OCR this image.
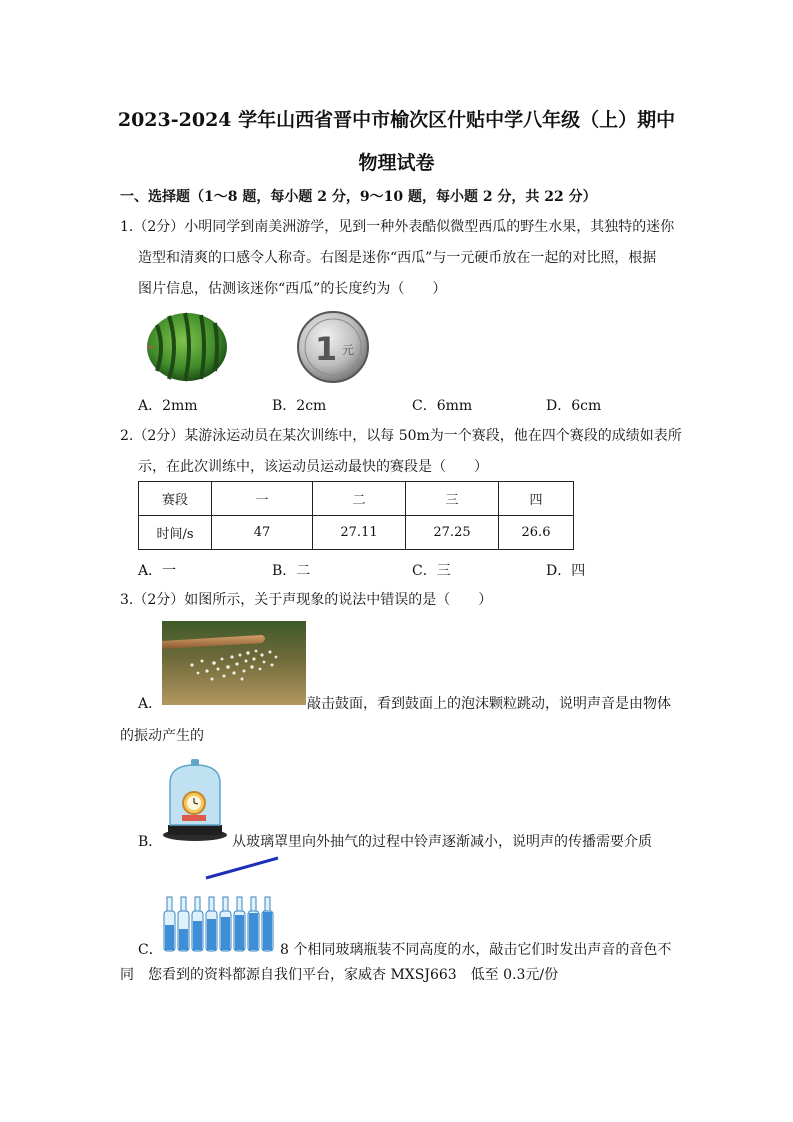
2023-2024 学年山西省晋中市榆次区什贴中学八年级（上）期中
物理试卷
一、选择题（1～8 题，每小题 2 分，9～10 题，每小题 2 分，共 22 分）
1.（2分）小明同学到南美洲游学，见到一种外表酷似微型西瓜的野生水果，其独特的迷你
造型和清爽的口感令人称奇。右图是迷你“西瓜”与一元硬币放在一起的对比照，根据
图片信息，估测该迷你“西瓜”的长度约为（　　）
1 元
A．2mm	B．2cm	C．6mm	D．6cm
2.（2分）某游泳运动员在某次训练中，以每 50m为一个赛段，他在四个赛段的成绩如表所
示，在此次训练中，该运动员运动最快的赛段是（　　）
赛段	一	二	三	四
时间/s	47	27.11	27.25	26.6
A．一	B．二	C．三	D．四
3.（2分）如图所示，关于声现象的说法中错误的是（　　）
A．	敲击鼓面，看到鼓面上的泡沫颗粒跳动，说明声音是由物体
的振动产生的
B．	从玻璃罩里向外抽气的过程中铃声逐渐减小，说明声的传播需要介质
C．	8 个相同玻璃瓶装不同高度的水，敲击它们时发出声音的音色不
同　您看到的资料都源自我们平台，家威杏 MXSJ663　低至 0.3元/份
